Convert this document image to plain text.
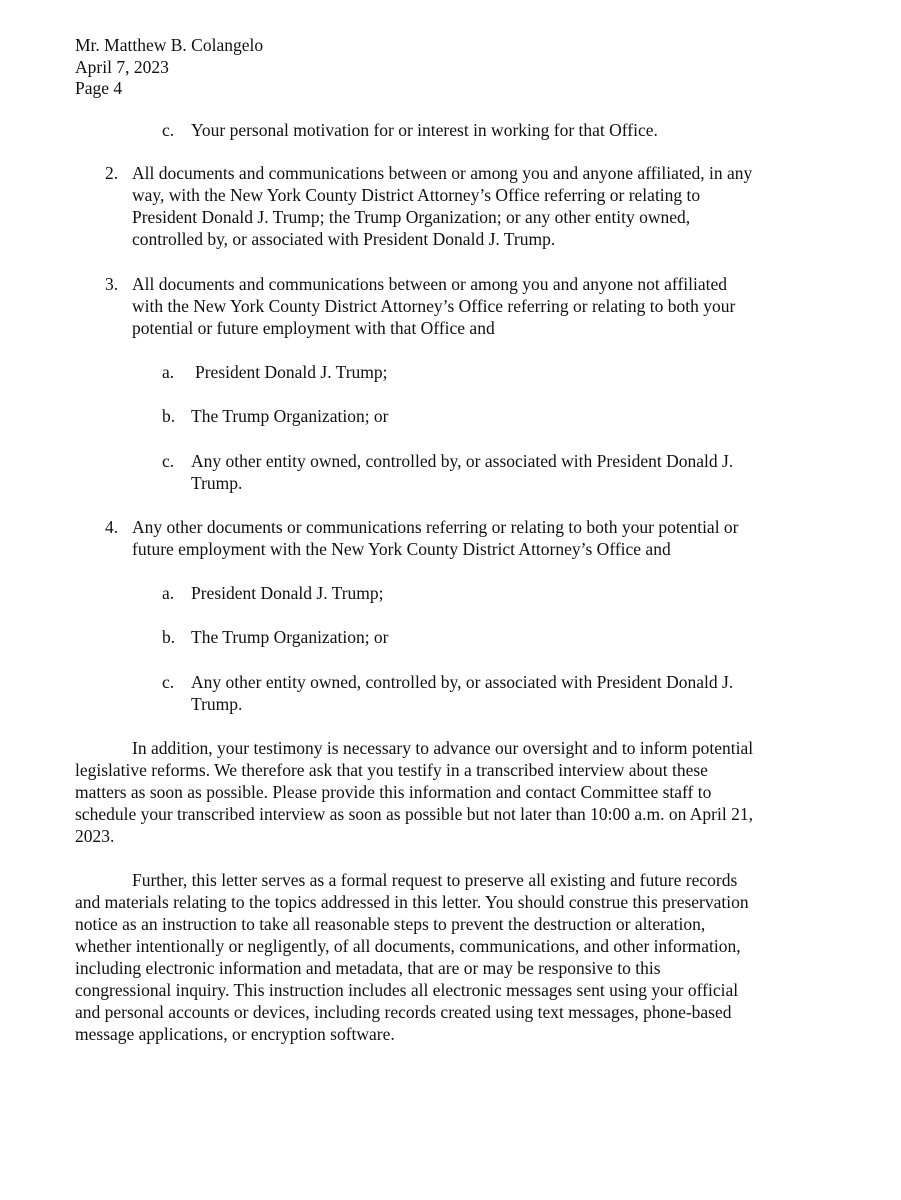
Mr. Matthew B. Colangelo
April 7, 2023
Page 4
c. Your personal motivation for or interest in working for that Office.
2. All documents and communications between or among you and anyone affiliated, in any
way, with the New York County District Attorney’s Office referring or relating to
President Donald J. Trump; the Trump Organization; or any other entity owned,
controlled by, or associated with President Donald J. Trump.
3. All documents and communications between or among you and anyone not affiliated
with the New York County District Attorney’s Office referring or relating to both your
potential or future employment with that Office and
a. President Donald J. Trump;
b. The Trump Organization; or
c. Any other entity owned, controlled by, or associated with President Donald J.
Trump.
4. Any other documents or communications referring or relating to both your potential or
future employment with the New York County District Attorney’s Office and
a. President Donald J. Trump;
b. The Trump Organization; or
c. Any other entity owned, controlled by, or associated with President Donald J.
Trump.
In addition, your testimony is necessary to advance our oversight and to inform potential
legislative reforms. We therefore ask that you testify in a transcribed interview about these
matters as soon as possible. Please provide this information and contact Committee staff to
schedule your transcribed interview as soon as possible but not later than 10:00 a.m. on April 21,
2023.
Further, this letter serves as a formal request to preserve all existing and future records
and materials relating to the topics addressed in this letter. You should construe this preservation
notice as an instruction to take all reasonable steps to prevent the destruction or alteration,
whether intentionally or negligently, of all documents, communications, and other information,
including electronic information and metadata, that are or may be responsive to this
congressional inquiry. This instruction includes all electronic messages sent using your official
and personal accounts or devices, including records created using text messages, phone-based
message applications, or encryption software.
